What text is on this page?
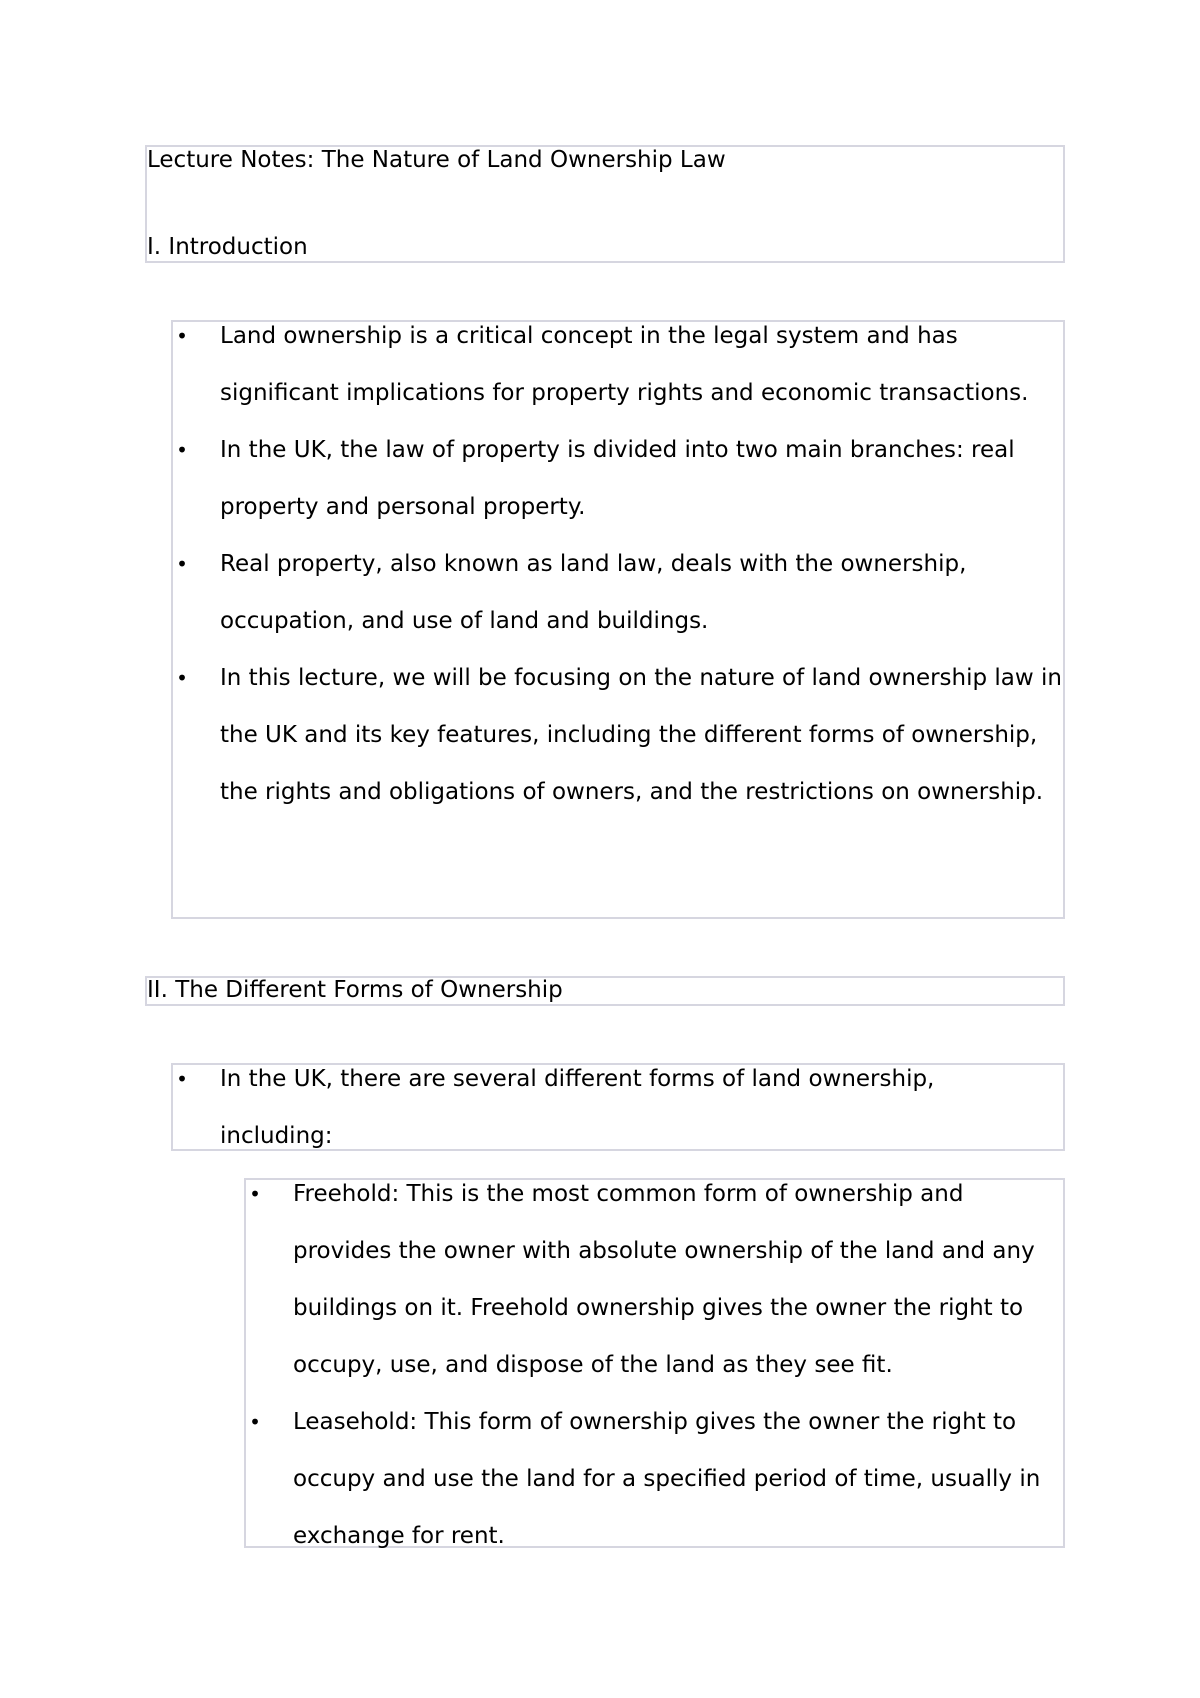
Lecture Notes: The Nature of Land Ownership Law
I. Introduction
• Land ownership is a critical concept in the legal system and has significant implications for property rights and economic transactions.
• In the UK, the law of property is divided into two main branches: real property and personal property.
• Real property, also known as land law, deals with the ownership, occupation, and use of land and buildings.
• In this lecture, we will be focusing on the nature of land ownership law in the UK and its key features, including the different forms of ownership, the rights and obligations of owners, and the restrictions on ownership.
II. The Different Forms of Ownership
• In the UK, there are several different forms of land ownership, including:
• Freehold: This is the most common form of ownership and provides the owner with absolute ownership of the land and any buildings on it. Freehold ownership gives the owner the right to occupy, use, and dispose of the land as they see fit.
• Leasehold: This form of ownership gives the owner the right to occupy and use the land for a specified period of time, usually in exchange for rent.
